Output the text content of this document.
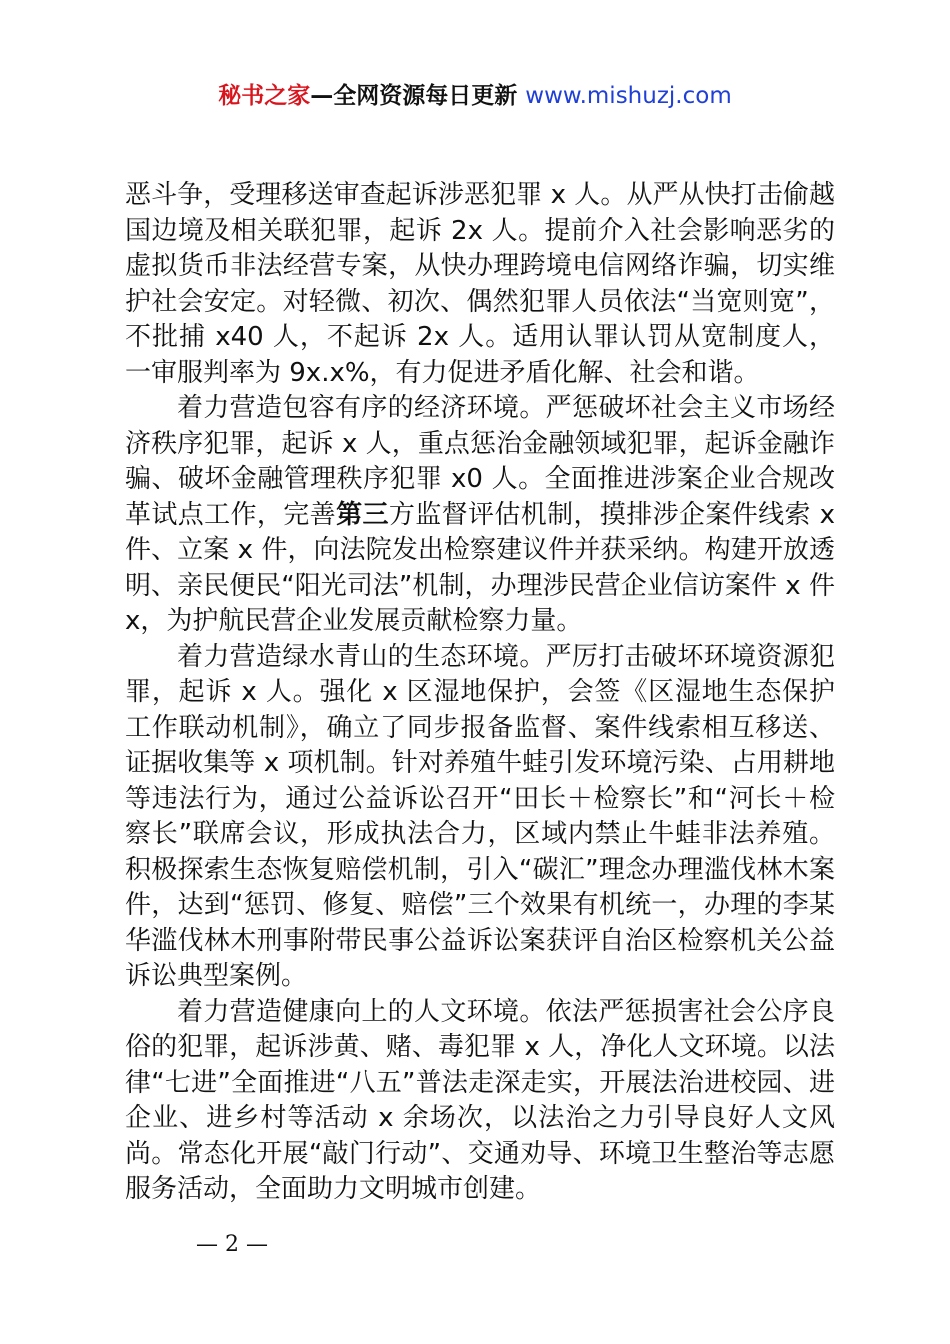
秘书之家—全网资源每日更新 www.mishuzj.com

恶斗争，受理移送审查起诉涉恶犯罪 x 人。从严从快打击偷越国边境及相关联犯罪，起诉 2x 人。提前介入社会影响恶劣的虚拟货币非法经营专案，从快办理跨境电信网络诈骗，切实维护社会安定。对轻微、初次、偶然犯罪人员依法“当宽则宽”，不批捕 x40 人，不起诉 2x 人。适用认罪认罚从宽制度人，一审服判率为 9x.x%，有力促进矛盾化解、社会和谐。

着力营造包容有序的经济环境。严惩破坏社会主义市场经济秩序犯罪，起诉 x 人，重点惩治金融领域犯罪，起诉金融诈骗、破坏金融管理秩序犯罪 x0 人。全面推进涉案企业合规改革试点工作，完善第三方监督评估机制，摸排涉企案件线索 x 件、立案 x 件，向法院发出检察建议件并获采纳。构建开放透明、亲民便民“阳光司法”机制，办理涉民营企业信访案件 x 件 x，为护航民营企业发展贡献检察力量。

着力营造绿水青山的生态环境。严厉打击破坏环境资源犯罪，起诉 x 人。强化 x 区湿地保护，会签《区湿地生态保护工作联动机制》，确立了同步报备监督、案件线索相互移送、证据收集等 x 项机制。针对养殖牛蛙引发环境污染、占用耕地等违法行为，通过公益诉讼召开“田长＋检察长”和“河长＋检察长”联席会议，形成执法合力，区域内禁止牛蛙非法养殖。积极探索生态恢复赔偿机制，引入“碳汇”理念办理滥伐林木案件，达到“惩罚、修复、赔偿”三个效果有机统一，办理的李某华滥伐林木刑事附带民事公益诉讼案获评自治区检察机关公益诉讼典型案例。

着力营造健康向上的人文环境。依法严惩损害社会公序良俗的犯罪，起诉涉黄、赌、毒犯罪 x 人，净化人文环境。以法律“七进”全面推进“八五”普法走深走实，开展法治进校园、进企业、进乡村等活动 x 余场次，以法治之力引导良好人文风尚。常态化开展“敲门行动”、交通劝导、环境卫生整治等志愿服务活动，全面助力文明城市创建。

— 2 —
